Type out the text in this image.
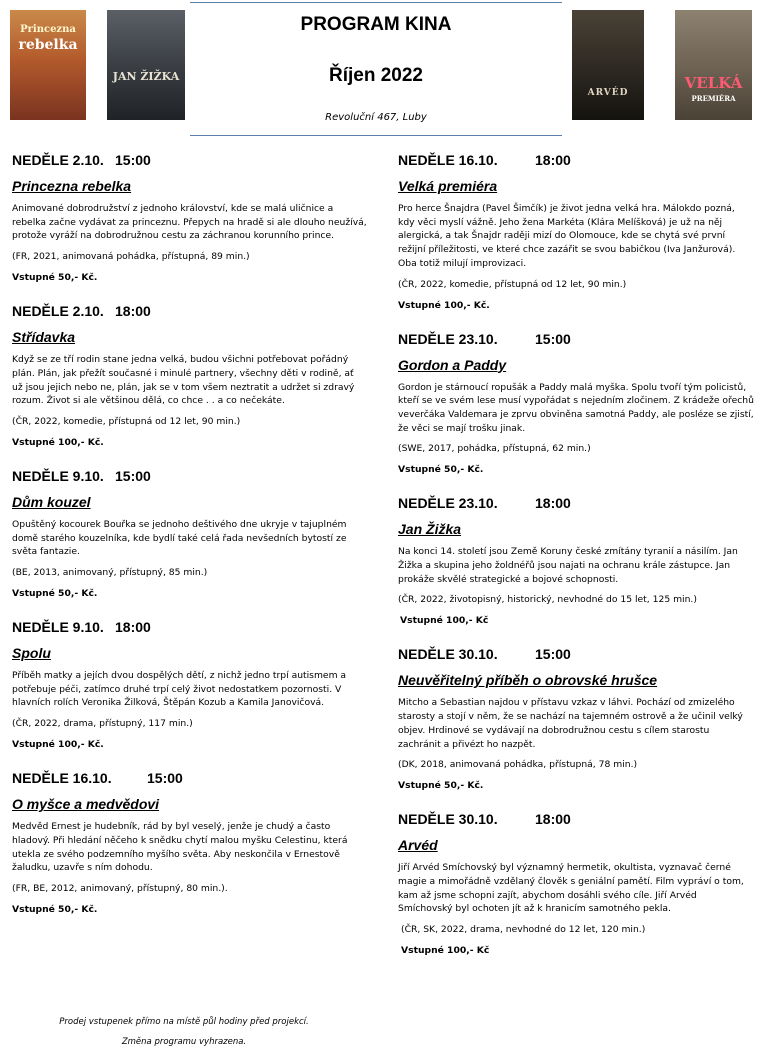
Princezna
rebelka
JAN ŽIŽKA
ARVÉD
VELKÁ
PREMIÉRA
PROGRAM KINA
Říjen 2022
Revoluční 467, Luby
NEDĚLE 2.10. 15:00
Princezna rebelka
Animované dobrodružství z jednoho království, kde se malá uličnice a rebelka začne vydávat za princeznu. Přepych na hradě si ale dlouho neužívá, protože vyráží na dobrodružnou cestu za záchranou korunního prince.
(FR, 2021, animovaná pohádka, přístupná, 89 min.)
Vstupné 50,- Kč.
NEDĚLE 2.10. 18:00
Střídavka
Když se ze tří rodin stane jedna velká, budou všichni potřebovat pořádný plán. Plán, jak přežít současné i minulé partnery, všechny děti v rodině, ať už jsou jejich nebo ne, plán, jak se v tom všem neztratit a udržet si zdravý rozum. Život si ale většinou dělá, co chce . . a co nečekáte.
(ČR, 2022, komedie, přístupná od 12 let, 90 min.)
Vstupné 100,- Kč.
NEDĚLE 9.10. 15:00
Dům kouzel
Opuštěný kocourek Bouřka se jednoho deštivého dne ukryje v tajuplném domě starého kouzelníka, kde bydlí také celá řada nevšedních bytostí ze světa fantazie.
(BE, 2013, animovaný, přístupný, 85 min.)
Vstupné 50,- Kč.
NEDĚLE 9.10. 18:00
Spolu
Příběh matky a jejích dvou dospělých dětí, z nichž jedno trpí autismem a potřebuje péči, zatímco druhé trpí celý život nedostatkem pozornosti. V hlavních rolích Veronika Žilková, Štěpán Kozub a Kamila Janovičová.
(ČR, 2022, drama, přístupný, 117 min.)
Vstupné 100,- Kč.
NEDĚLE 16.10.	15:00
O myšce a medvědovi
Medvěd Ernest je hudebník, rád by byl veselý, jenže je chudý a často hladový. Při hledání něčeho k snědku chytí malou myšku Celestinu, která utekla ze svého podzemního myšího světa. Aby neskončila v Ernestově žaludku, uzavře s ním dohodu.
(FR, BE, 2012, animovaný, přístupný, 80 min.).
Vstupné 50,- Kč.
NEDĚLE 16.10.	18:00
Velká premiéra
Pro herce Šnajdra (Pavel Šimčík) je život jedna velká hra. Málokdo pozná, kdy věci myslí vážně. Jeho žena Markéta (Klára Melíšková) je už na něj alergická, a tak Šnajdr raději mizí do Olomouce, kde se chytá své první režijní příležitosti, ve které chce zazářit se svou babičkou (Iva Janžurová). Oba totiž milují improvizaci.
(ČR, 2022, komedie, přístupná od 12 let, 90 min.)
Vstupné 100,- Kč.
NEDĚLE 23.10.	15:00
Gordon a Paddy
Gordon je stárnoucí ropušák a Paddy malá myška. Spolu tvoří tým policistů, kteří se ve svém lese musí vypořádat s nejedním zločinem. Z krádeže ořechů veverčáka Valdemara je zprvu obviněna samotná Paddy, ale posléze se zjistí, že věci se mají trošku jinak.
(SWE, 2017, pohádka, přístupná, 62 min.)
Vstupné 50,- Kč.
NEDĚLE 23.10.	18:00
Jan Žižka
Na konci 14. století jsou Země Koruny české zmítány tyranií a násilím. Jan Žižka a skupina jeho žoldnéřů jsou najati na ochranu krále zástupce. Jan prokáže skvělé strategické a bojové schopnosti.
(ČR, 2022, životopisný, historický, nevhodné do 15 let, 125 min.)
Vstupné 100,- Kč
NEDĚLE 30.10.	15:00
Neuvěřitelný příběh o obrovské hrušce
Mitcho a Sebastian najdou v přístavu vzkaz v láhvi. Pochází od zmizelého starosty a stojí v něm, že se nachází na tajemném ostrově a že učinil velký objev. Hrdinové se vydávají na dobrodružnou cestu s cílem starostu zachránit a přivézt ho nazpět.
(DK, 2018, animovaná pohádka, přístupná, 78 min.)
Vstupné 50,- Kč.
NEDĚLE 30.10.	18:00
Arvéd
Jiří Arvéd Smíchovský byl významný hermetik, okultista, vyznavač černé magie a mimořádně vzdělaný člověk s geniální pamětí. Film vypráví o tom, kam až jsme schopni zajít, abychom dosáhli svého cíle. Jiří Arvéd Smíchovský byl ochoten jít až k hranicím samotného pekla.
(ČR, SK, 2022, drama, nevhodné do 12 let, 120 min.)
Vstupné 100,- Kč
Prodej vstupenek přímo na místě půl hodiny před projekcí.
Změna programu vyhrazena.
